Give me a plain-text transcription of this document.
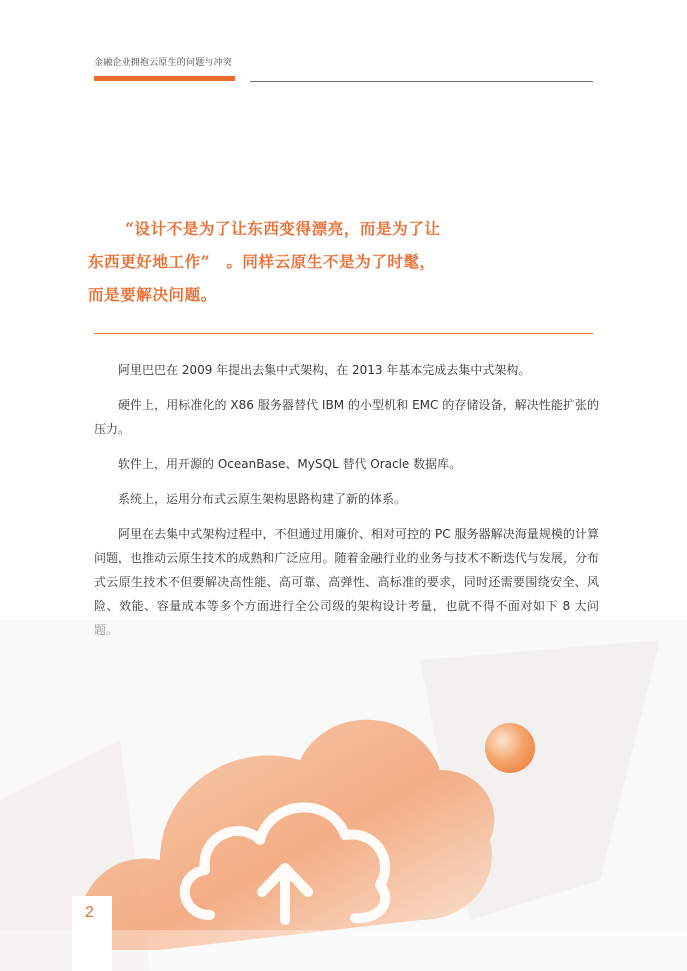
金融企业拥抱云原生的问题与冲突
“设计不是为了让东西变得漂亮，而是为了让
东西更好地工作”　。同样云原生不是为了时髦，
而是要解决问题。

阿里巴巴在 2009 年提出去集中式架构，在 2013 年基本完成去集中式架构。

硬件上，用标准化的 X86 服务器替代 IBM 的小型机和 EMC 的存储设备，解决性能扩张的压力。

软件上，用开源的 OceanBase、MySQL 替代 Oracle 数据库。

系统上，运用分布式云原生架构思路构建了新的体系。

阿里在去集中式架构过程中，不但通过用廉价、相对可控的 PC 服务器解决海量规模的计算问题，也推动云原生技术的成熟和广泛应用。随着金融行业的业务与技术不断迭代与发展，分布式云原生技术不但要解决高性能、高可靠、高弹性、高标准的要求，同时还需要围绕安全、风险、效能、容量成本等多个方面进行全公司级的架构设计考量，也就不得不面对如下 8 大问

2
